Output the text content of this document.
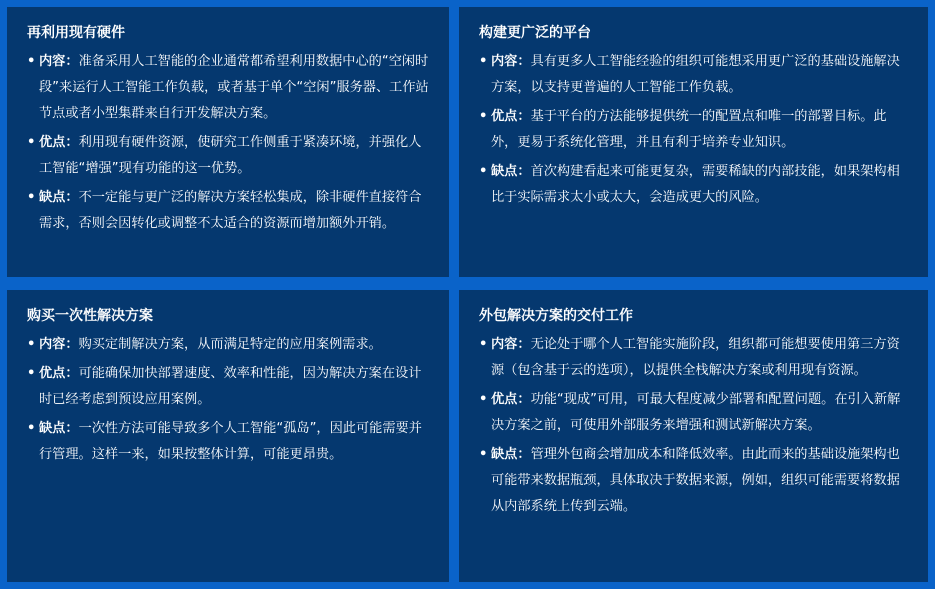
再利用现有硬件
• 内容：准备采用人工智能的企业通常都希望利用数据中心的“空闲时段”来运行人工智能工作负载，或者基于单个“空闲”服务器、工作站节点或者小型集群来自行开发解决方案。
• 优点：利用现有硬件资源，使研究工作侧重于紧凑环境，并强化人工智能“增强”现有功能的这一优势。
• 缺点：不一定能与更广泛的解决方案轻松集成，除非硬件直接符合需求，否则会因转化或调整不太适合的资源而增加额外开销。
构建更广泛的平台
• 内容：具有更多人工智能经验的组织可能想采用更广泛的基础设施解决方案，以支持更普遍的人工智能工作负载。
• 优点：基于平台的方法能够提供统一的配置点和唯一的部署目标。此外，更易于系统化管理，并且有利于培养专业知识。
• 缺点：首次构建看起来可能更复杂，需要稀缺的内部技能，如果架构相比于实际需求太小或太大，会造成更大的风险。
购买一次性解决方案
• 内容：购买定制解决方案，从而满足特定的应用案例需求。
• 优点：可能确保加快部署速度、效率和性能，因为解决方案在设计时已经考虑到预设应用案例。
• 缺点：一次性方法可能导致多个人工智能“孤岛”，因此可能需要并行管理。这样一来，如果按整体计算，可能更昂贵。
外包解决方案的交付工作
• 内容：无论处于哪个人工智能实施阶段，组织都可能想要使用第三方资源（包含基于云的选项），以提供全栈解决方案或利用现有资源。
• 优点：功能“现成”可用，可最大程度减少部署和配置问题。在引入新解决方案之前，可使用外部服务来增强和测试新解决方案。
• 缺点：管理外包商会增加成本和降低效率。由此而来的基础设施架构也可能带来数据瓶颈，具体取决于数据来源，例如，组织可能需要将数据从内部系统上传到云端。
